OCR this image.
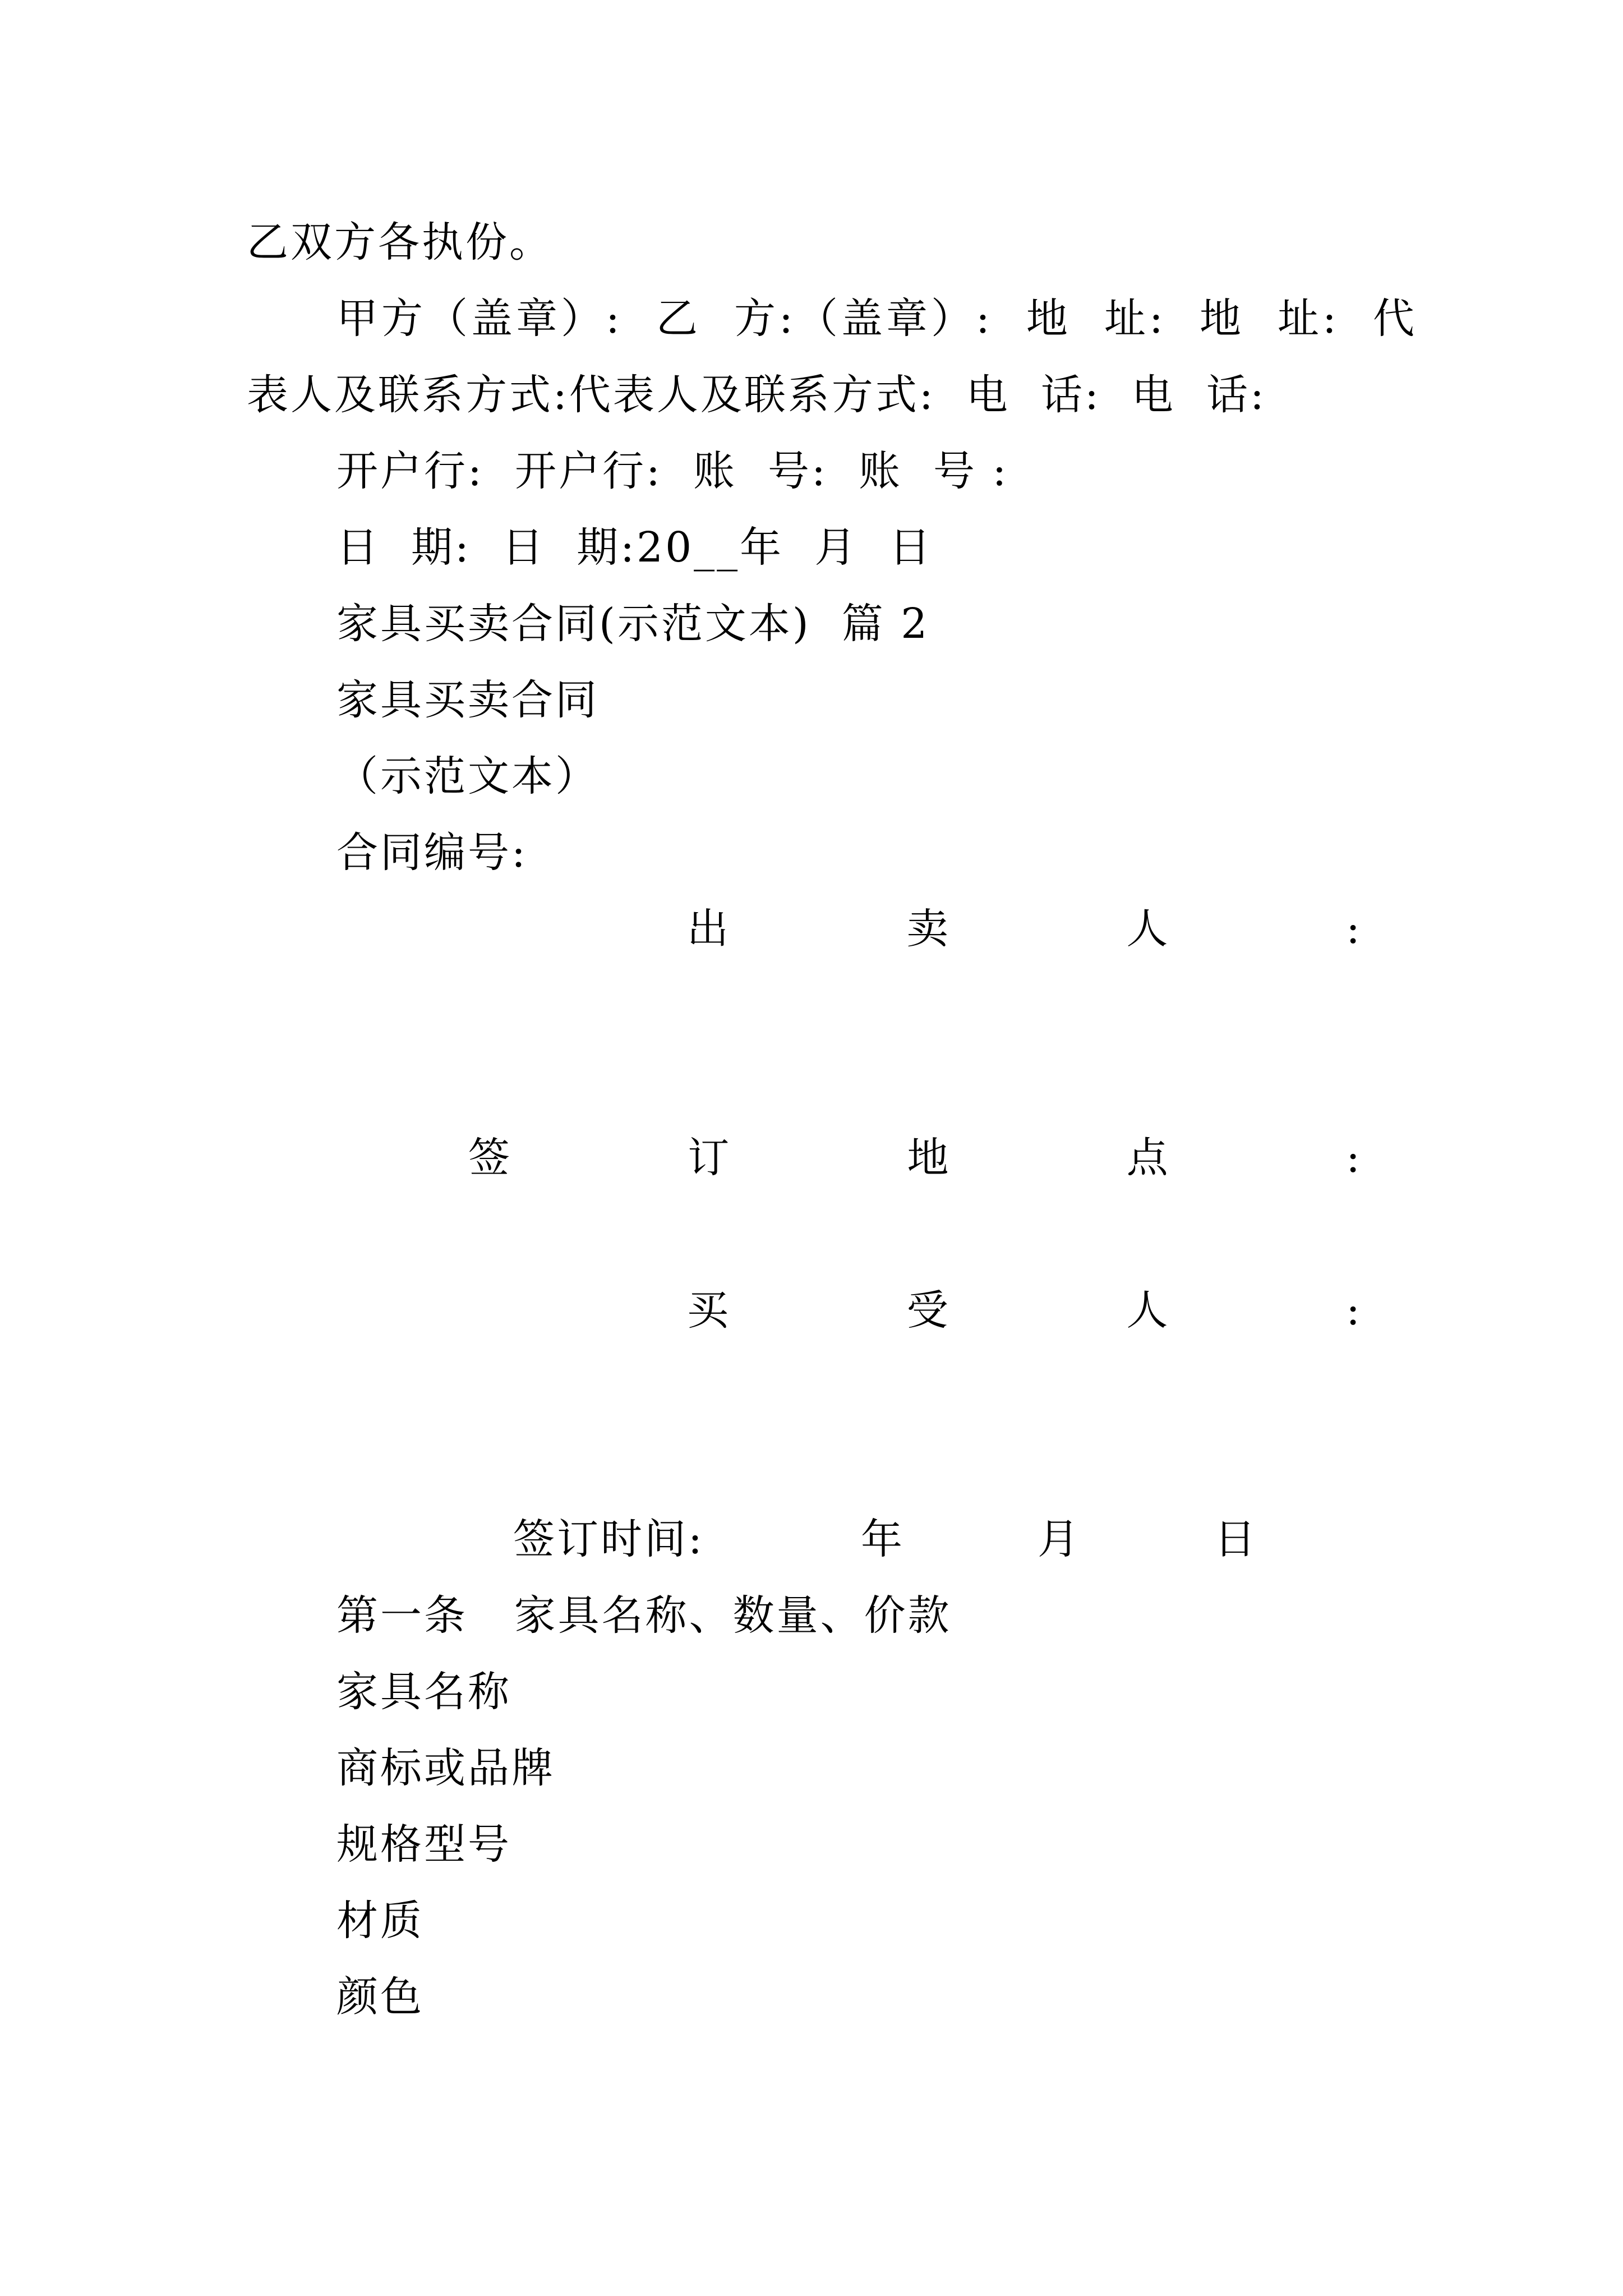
乙双方各执份。
甲方（盖章）:  乙  方:（盖章）:  地  址:  地  址:  代
表人及联系方式:代表人及联系方式:  电  话:  电  话:
开户行:  开户行:  账  号:  账  号 :
日  期:  日  期:20__年  月  日
家具买卖合同(示范文本)  篇 2
家具买卖合同
（示范文本）
合同编号:
出	卖	人	:
签	订	地	点	:
买	受	人	:
签订时间:	年	月	日
第一条   家具名称、数量、价款
家具名称
商标或品牌
规格型号
材质
颜色
